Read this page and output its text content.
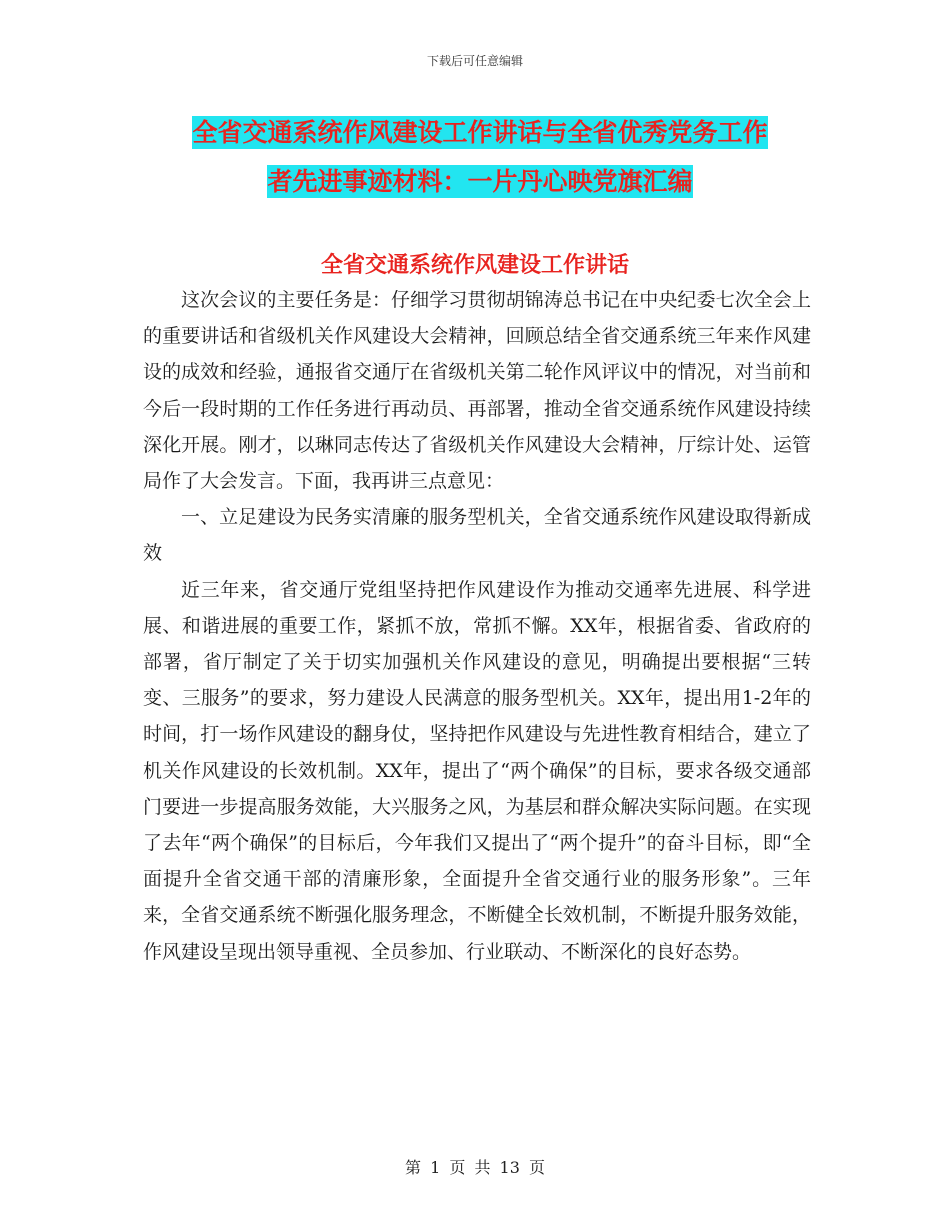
下载后可任意编辑
全省交通系统作风建设工作讲话与全省优秀党务工作
者先进事迹材料：一片丹心映党旗汇编
全省交通系统作风建设工作讲话

这次会议的主要任务是：仔细学习贯彻胡锦涛总书记在中央纪委七次全会上的重要讲话和省级机关作风建设大会精神，回顾总结全省交通系统三年来作风建设的成效和经验，通报省交通厅在省级机关第二轮作风评议中的情况，对当前和今后一段时期的工作任务进行再动员、再部署，推动全省交通系统作风建设持续深化开展。刚才，以琳同志传达了省级机关作风建设大会精神，厅综计处、运管局作了大会发言。下面，我再讲三点意见：

一、立足建设为民务实清廉的服务型机关，全省交通系统作风建设取得新成效

近三年来，省交通厅党组坚持把作风建设作为推动交通率先进展、科学进展、和谐进展的重要工作，紧抓不放，常抓不懈。XX年，根据省委、省政府的部署，省厅制定了关于切实加强机关作风建设的意见，明确提出要根据“三转变、三服务”的要求，努力建设人民满意的服务型机关。XX年，提出用1-2年的时间，打一场作风建设的翻身仗，坚持把作风建设与先进性教育相结合，建立了机关作风建设的长效机制。XX年，提出了“两个确保”的目标，要求各级交通部门要进一步提高服务效能，大兴服务之风，为基层和群众解决实际问题。在实现了去年“两个确保”的目标后，今年我们又提出了“两个提升”的奋斗目标，即“全面提升全省交通干部的清廉形象，全面提升全省交通行业的服务形象”。三年来，全省交通系统不断强化服务理念，不断健全长效机制，不断提升服务效能，作风建设呈现出领导重视、全员参加、行业联动、不断深化的良好态势。

第 1 页 共 13 页
